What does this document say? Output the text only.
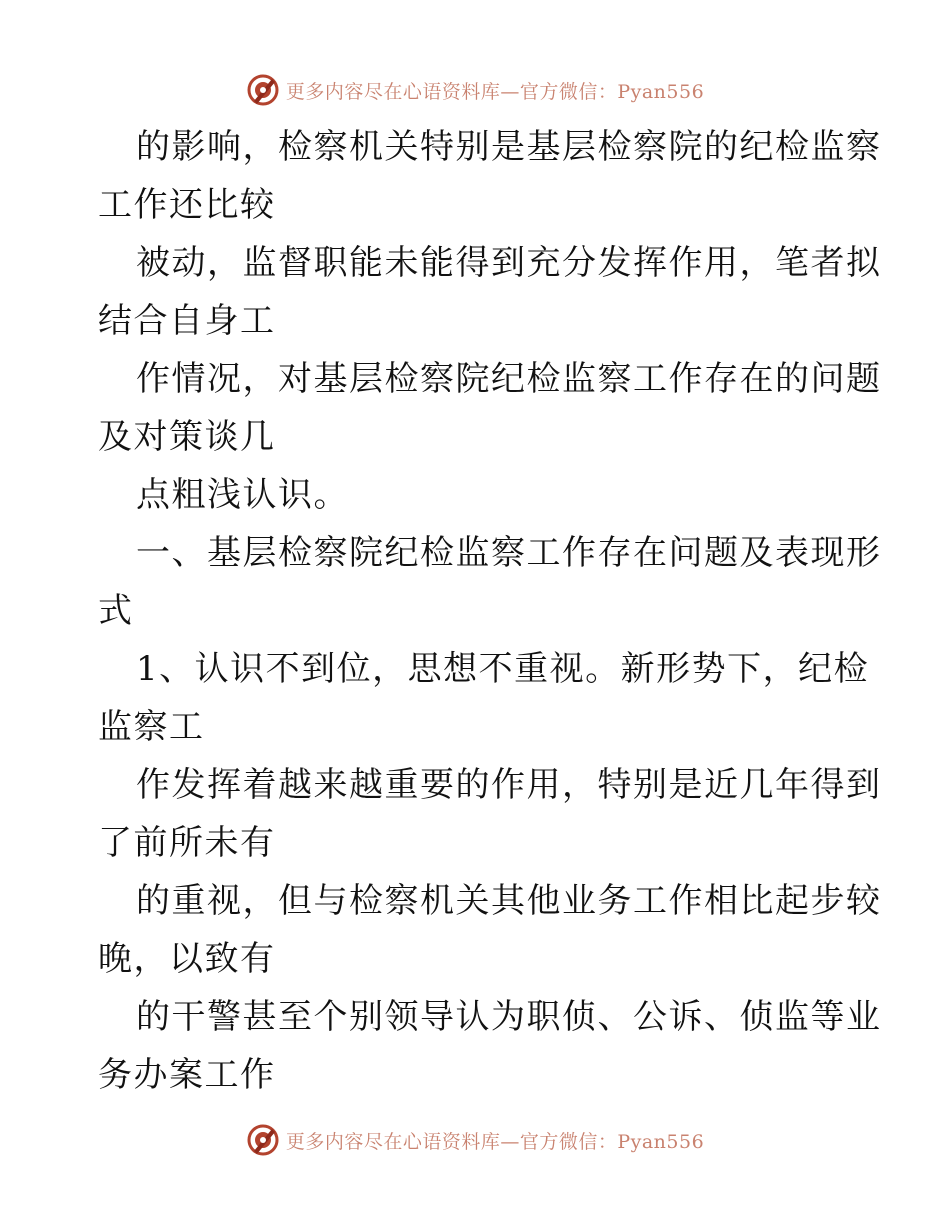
更多内容尽在心语资料库—官方微信：Pyan556
的影响，检察机关特别是基层检察院的纪检监察
工作还比较
被动，监督职能未能得到充分发挥作用，笔者拟
结合自身工
作情况，对基层检察院纪检监察工作存在的问题
及对策谈几
点粗浅认识。
一、基层检察院纪检监察工作存在问题及表现形
式
1、认识不到位，思想不重视。新形势下，纪检
监察工
作发挥着越来越重要的作用，特别是近几年得到
了前所未有
的重视，但与检察机关其他业务工作相比起步较
晚，以致有
的干警甚至个别领导认为职侦、公诉、侦监等业
务办案工作
更多内容尽在心语资料库—官方微信：Pyan556
